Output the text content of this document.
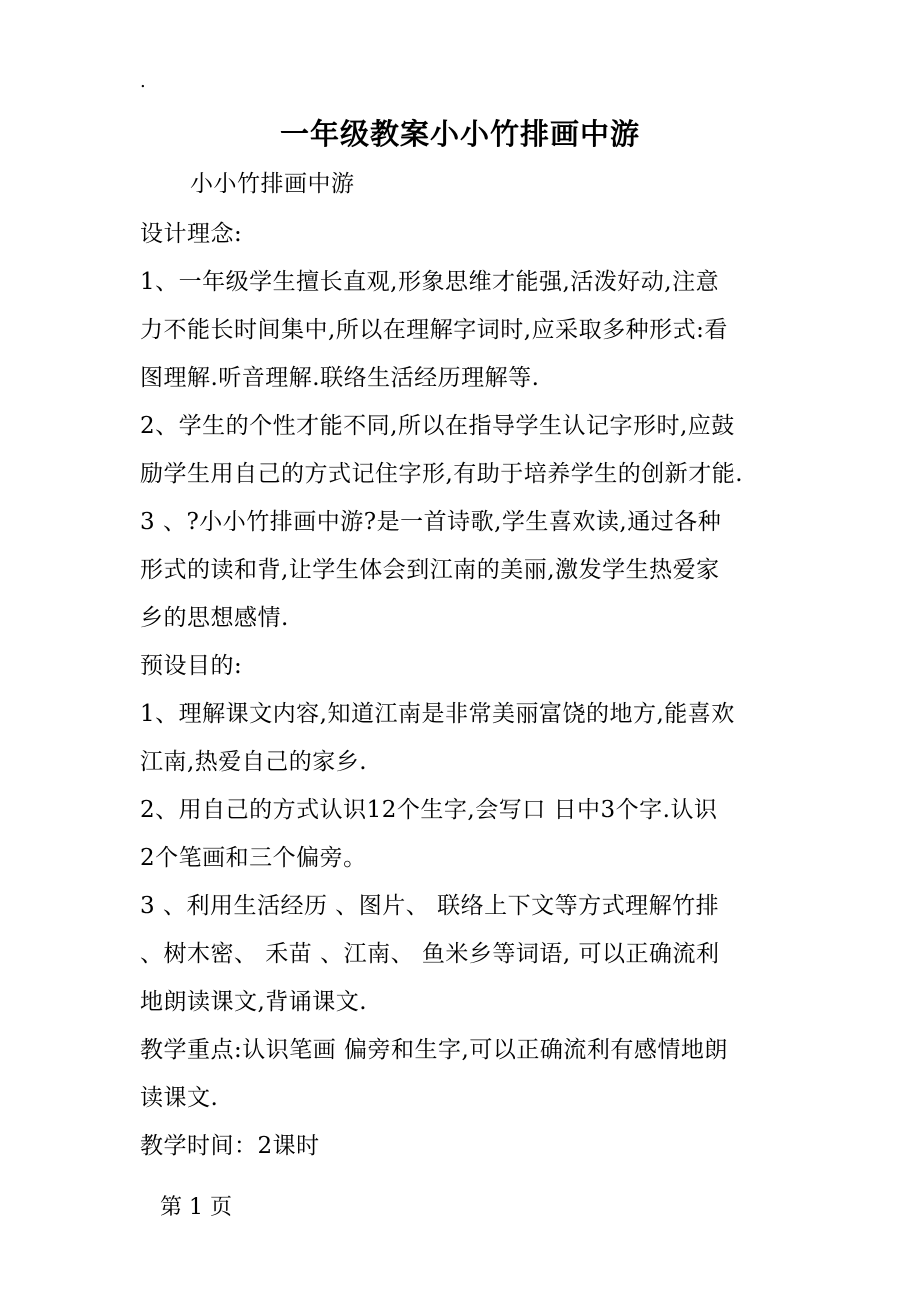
.
一年级教案小小竹排画中游
小小竹排画中游
设计理念:
1、一年级学生擅长直观,形象思维才能强,活泼好动,注意
力不能长时间集中,所以在理解字词时,应采取多种形式:看
图理解.听音理解.联络生活经历理解等.
2、学生的个性才能不同,所以在指导学生认记字形时,应鼓
励学生用自己的方式记住字形,有助于培养学生的创新才能.
3 、?小小竹排画中游?是一首诗歌,学生喜欢读,通过各种
形式的读和背,让学生体会到江南的美丽,激发学生热爱家
乡的思想感情.
预设目的:
1、理解课文内容,知道江南是非常美丽富饶的地方,能喜欢
江南,热爱自己的家乡.
2、用自己的方式认识12个生字,会写口 日中3个字.认识
2个笔画和三个偏旁。
3 、利用生活经历 、图片、 联络上下文等方式理解竹排
、树木密、 禾苗 、江南、 鱼米乡等词语, 可以正确流利
地朗读课文,背诵课文.
教学重点:认识笔画 偏旁和生字,可以正确流利有感情地朗
读课文.
教学时间：2课时
第 1 页
